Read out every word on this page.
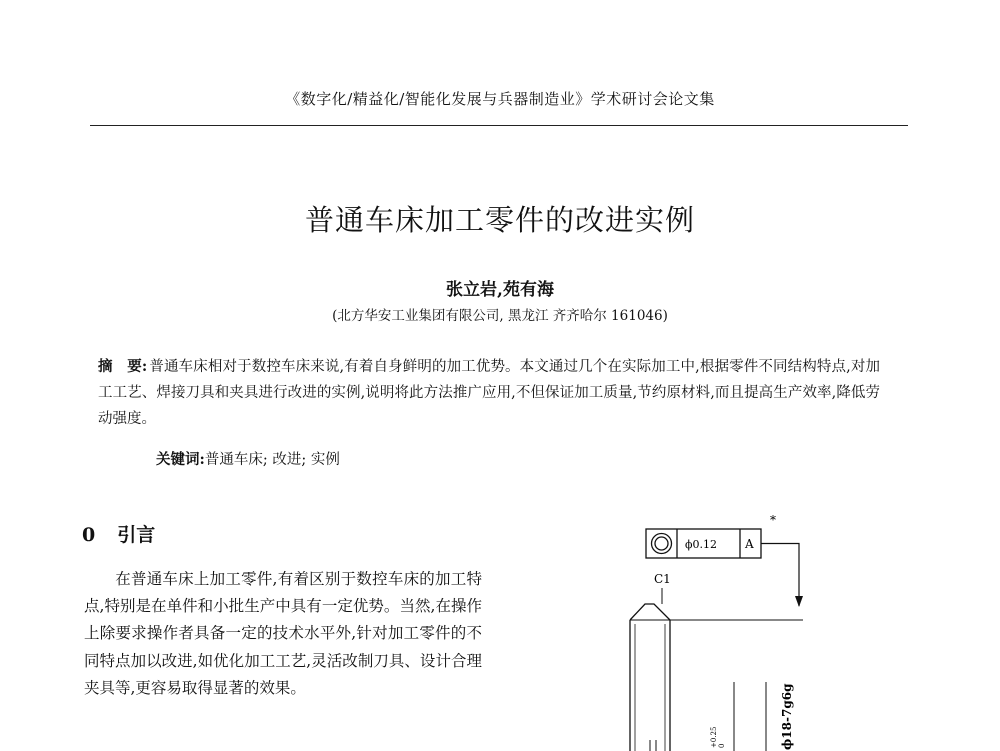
《数字化/精益化/智能化发展与兵器制造业》学术研讨会论文集
普通车床加工零件的改进实例
张立岩,苑有海
(北方华安工业集团有限公司, 黑龙江 齐齐哈尔 161046)
摘　要: 普通车床相对于数控车床来说,有着自身鲜明的加工优势。本文通过几个在实际加工中,根据零件不同结构特点,对加工工艺、焊接刀具和夹具进行改进的实例,说明将此方法推广应用,不但保证加工质量,节约原材料,而且提高生产效率,降低劳动强度。
关键词:普通车床; 改进; 实例
0 引言
在普通车床上加工零件,有着区别于数控车床的加工特点,特别是在单件和小批生产中具有一定优势。当然,在操作上除要求操作者具备一定的技术水平外,针对加工零件的不同特点加以改进,如优化加工工艺,灵活改制刀具、设计合理夹具等,更容易取得显著的效果。
ϕ0.12 A
*
C1
+0.25 0	ϕ18-7g6g
